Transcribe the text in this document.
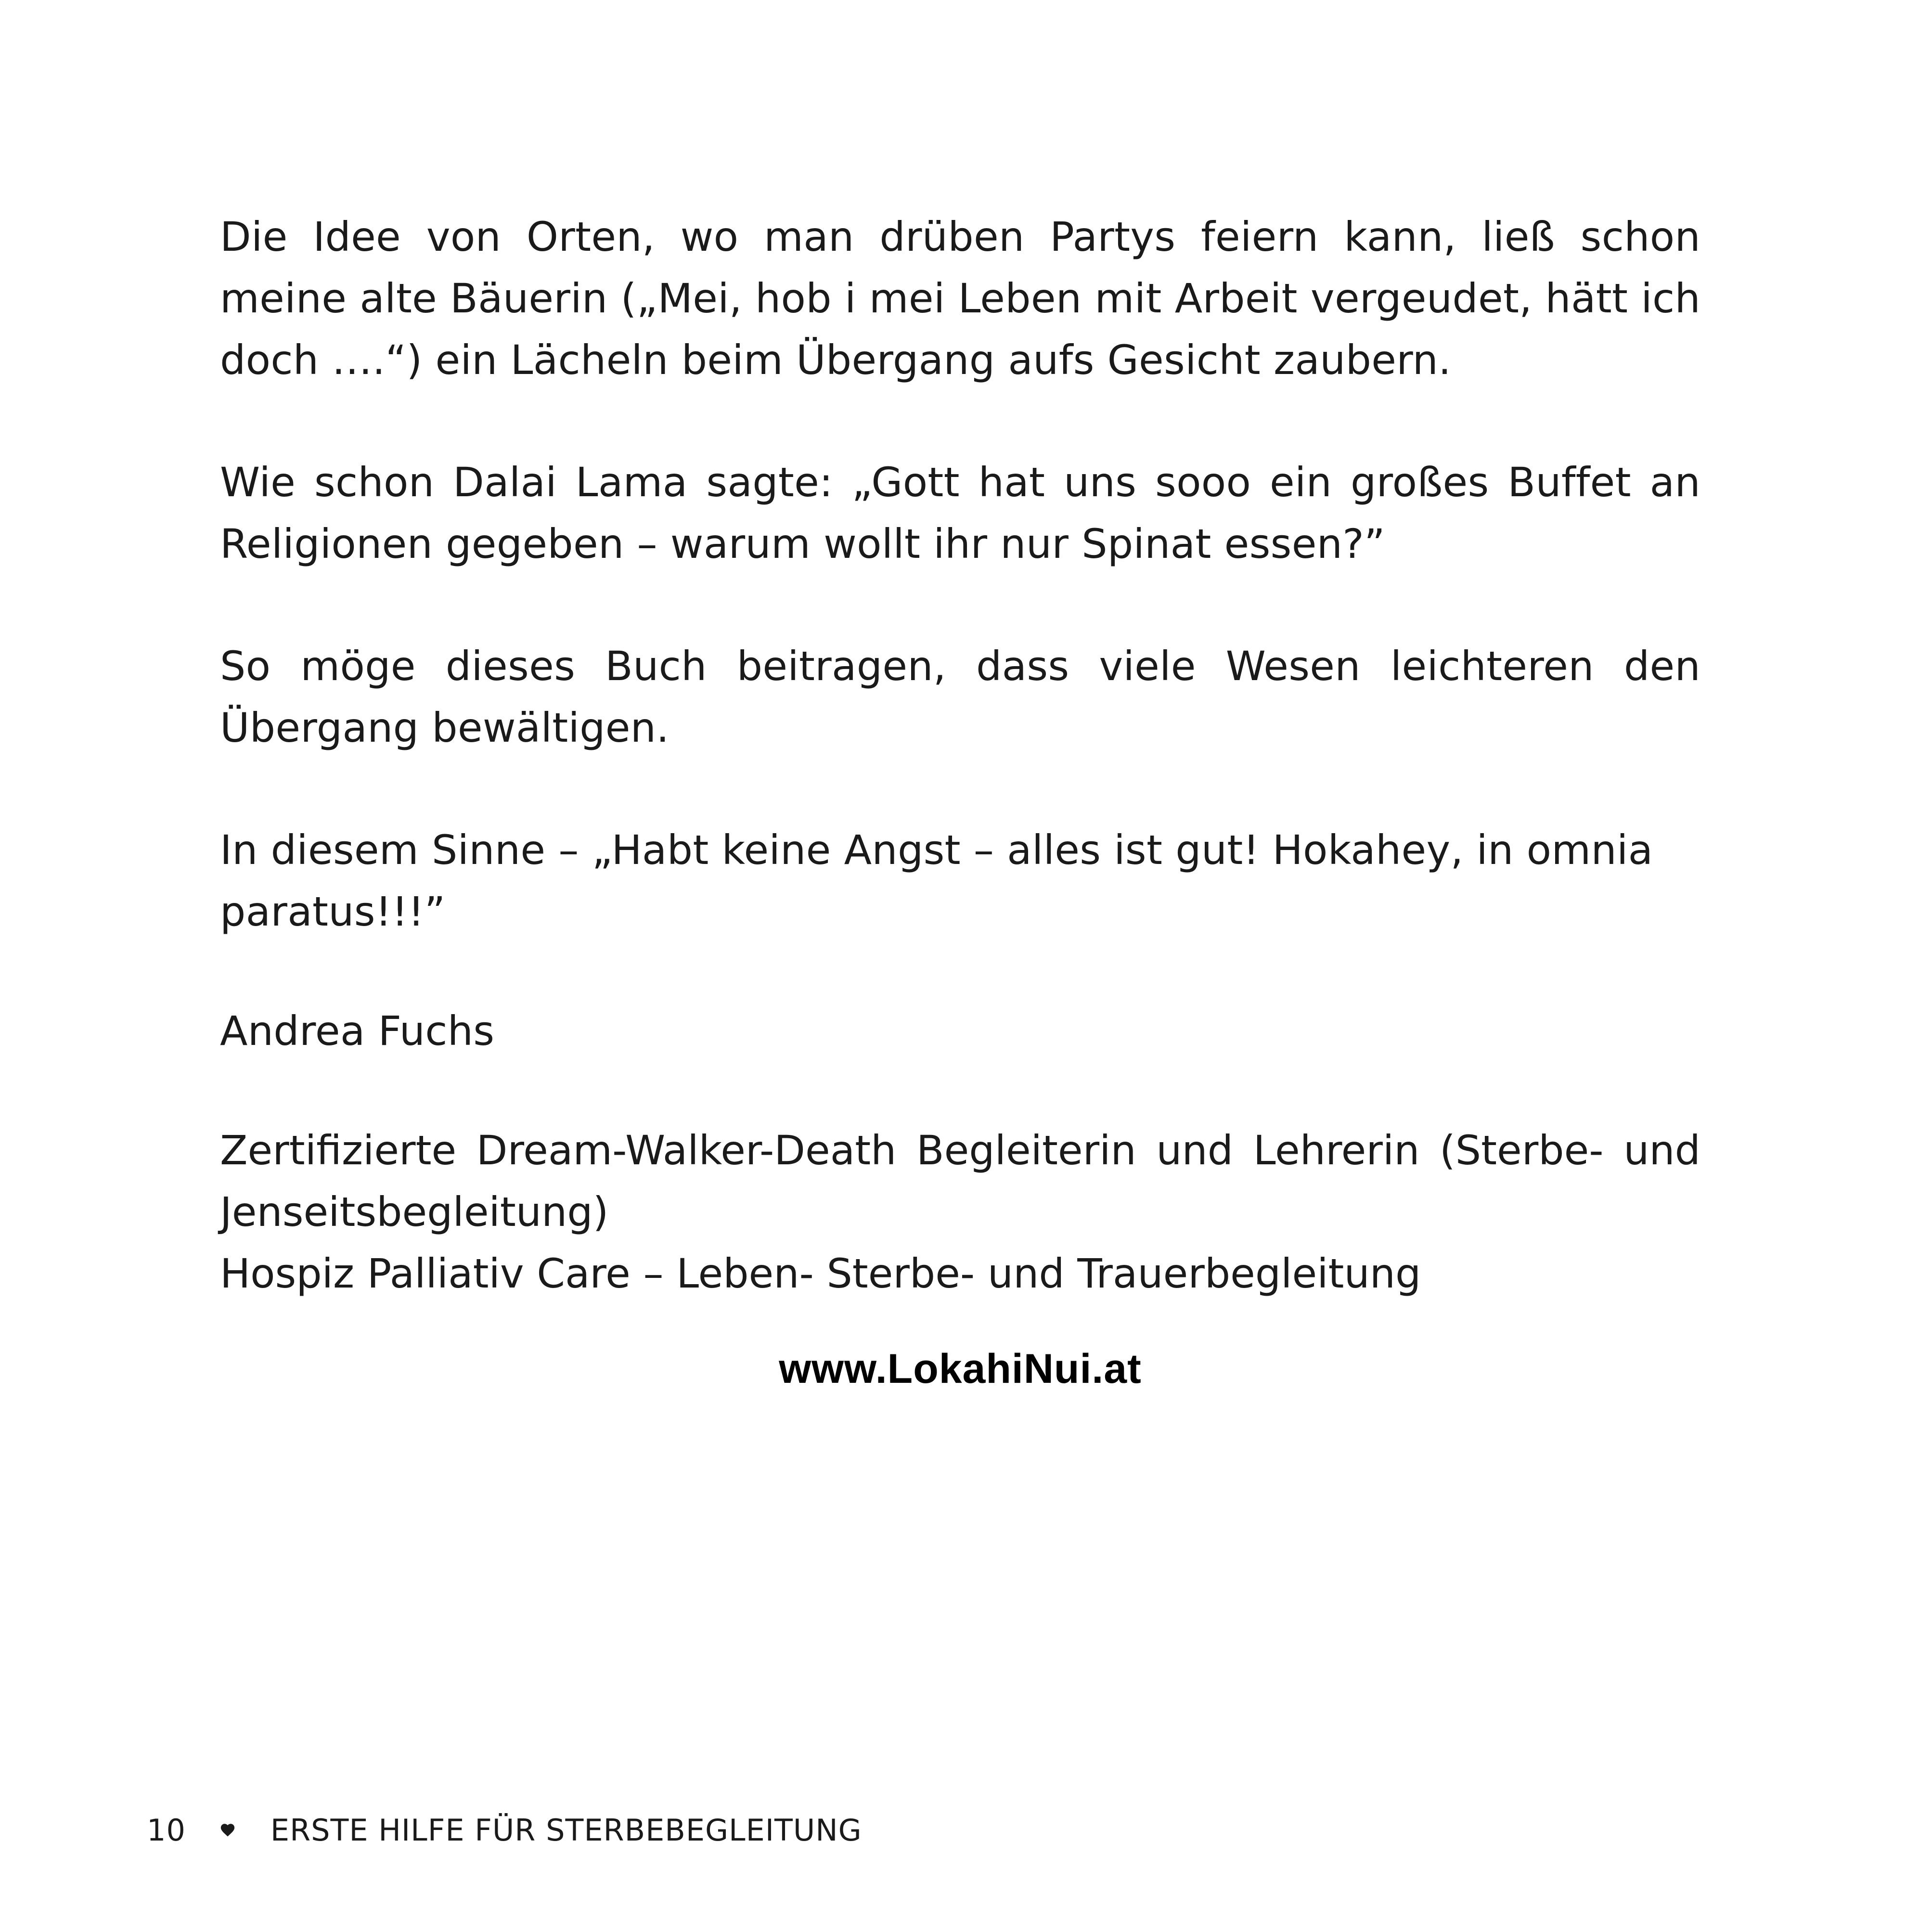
Die Idee von Orten, wo man drüben Partys feiern kann, ließ schon meine alte Bäuerin („Mei, hob i mei Leben mit Arbeit vergeudet, hätt ich doch ….“) ein Lächeln beim Übergang aufs Gesicht zaubern.

Wie schon Dalai Lama sagte: „Gott hat uns sooo ein großes Buffet an Religionen gegeben – warum wollt ihr nur Spinat essen?”

So möge dieses Buch beitragen, dass viele Wesen leichteren den Übergang bewältigen.

In diesem Sinne – „Habt keine Angst – alles ist gut! Hokahey, in omnia paratus!!!”

Andrea Fuchs

Zertifizierte Dream-Walker-Death Begleiterin und Lehrerin (Sterbe- und Jenseitsbegleitung)
Hospiz Palliativ Care – Leben- Sterbe- und Trauerbegleitung

www.LokahiNui.at

10	ERSTE HILFE FÜR STERBEBEGLEITUNG
